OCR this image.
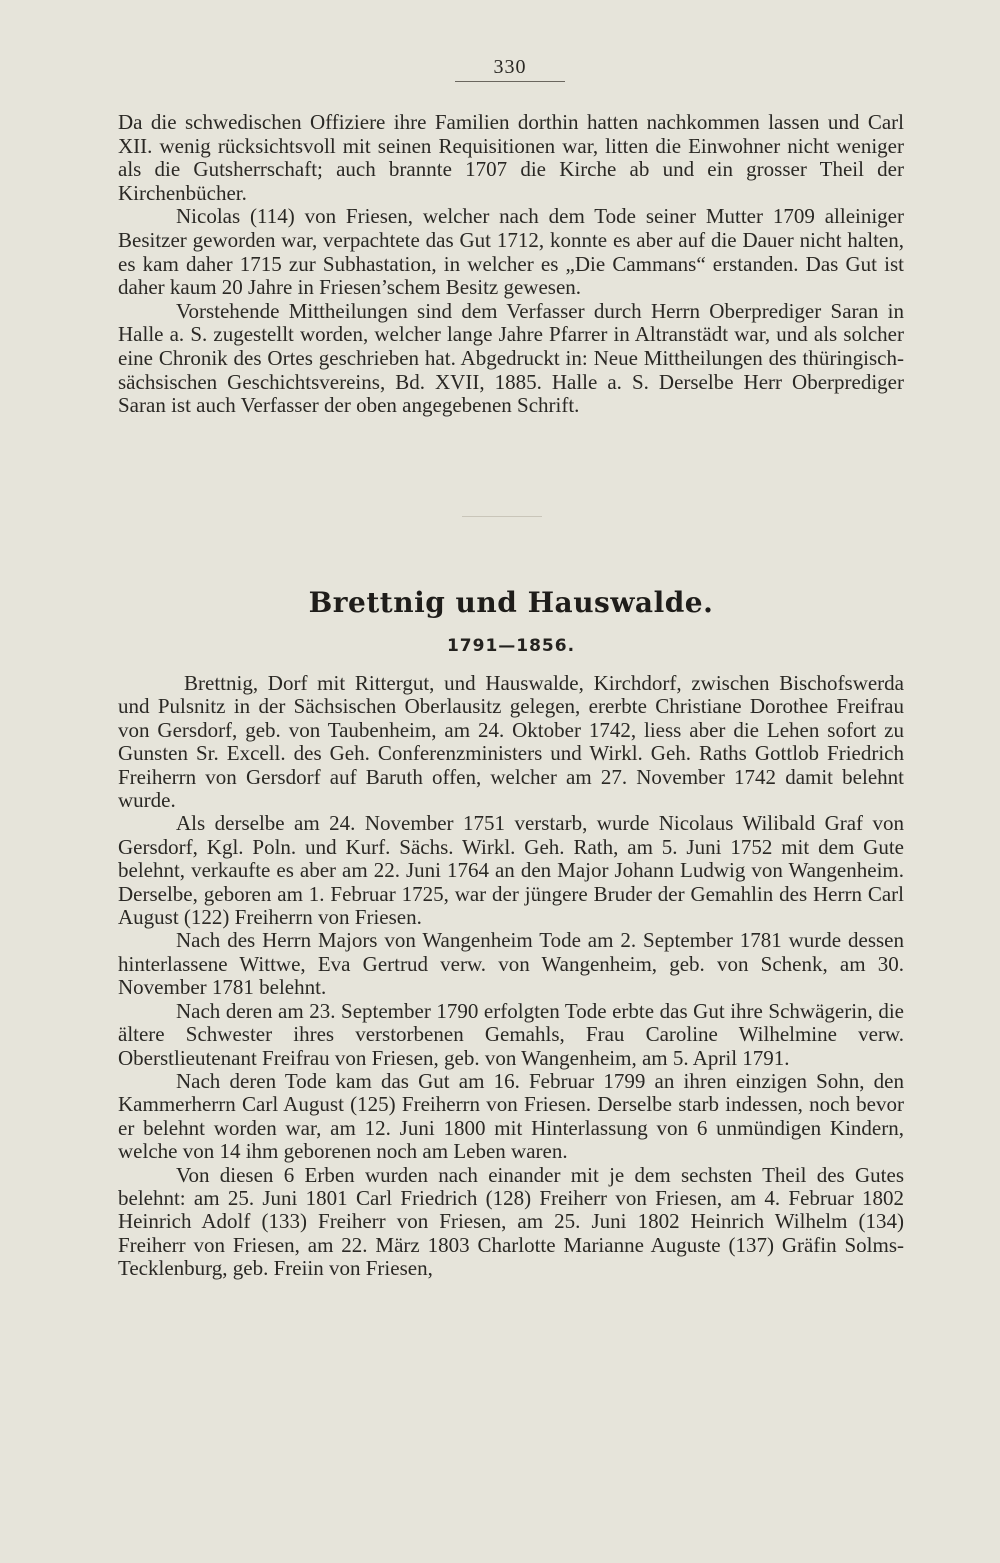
330

Da die schwedischen Offiziere ihre Familien dorthin hatten nachkommen lassen und Carl XII. wenig rücksichtsvoll mit seinen Requisitionen war, litten die Einwohner nicht weniger als die Gutsherrschaft; auch brannte 1707 die Kirche ab und ein grosser Theil der Kirchenbücher.

Nicolas (114) von Friesen, welcher nach dem Tode seiner Mutter 1709 alleiniger Besitzer geworden war, verpachtete das Gut 1712, konnte es aber auf die Dauer nicht halten, es kam daher 1715 zur Subhastation, in welcher es „Die Cammans“ erstanden. Das Gut ist daher kaum 20 Jahre in Friesen’schem Besitz gewesen.

Vorstehende Mittheilungen sind dem Verfasser durch Herrn Oberprediger Saran in Halle a. S. zugestellt worden, welcher lange Jahre Pfarrer in Altranstädt war, und als solcher eine Chronik des Ortes geschrieben hat. Abgedruckt in: Neue Mittheilungen des thüringisch-sächsischen Geschichtsvereins, Bd. XVII, 1885. Halle a. S. Derselbe Herr Oberprediger Saran ist auch Verfasser der oben angegebenen Schrift.

Brettnig und Hauswalde.
1791—1856.

Brettnig, Dorf mit Rittergut, und Hauswalde, Kirchdorf, zwischen Bischofswerda und Pulsnitz in der Sächsischen Oberlausitz gelegen, ererbte Christiane Dorothee Freifrau von Gersdorf, geb. von Taubenheim, am 24. Oktober 1742, liess aber die Lehen sofort zu Gunsten Sr. Excell. des Geh. Conferenzministers und Wirkl. Geh. Raths Gottlob Friedrich Freiherrn von Gersdorf auf Baruth offen, welcher am 27. November 1742 damit belehnt wurde.

Als derselbe am 24. November 1751 verstarb, wurde Nicolaus Wilibald Graf von Gersdorf, Kgl. Poln. und Kurf. Sächs. Wirkl. Geh. Rath, am 5. Juni 1752 mit dem Gute belehnt, verkaufte es aber am 22. Juni 1764 an den Major Johann Ludwig von Wangenheim. Derselbe, geboren am 1. Februar 1725, war der jüngere Bruder der Gemahlin des Herrn Carl August (122) Freiherrn von Friesen.

Nach des Herrn Majors von Wangenheim Tode am 2. September 1781 wurde dessen hinterlassene Wittwe, Eva Gertrud verw. von Wangenheim, geb. von Schenk, am 30. November 1781 belehnt.

Nach deren am 23. September 1790 erfolgten Tode erbte das Gut ihre Schwägerin, die ältere Schwester ihres verstorbenen Gemahls, Frau Caroline Wilhelmine verw. Oberstlieutenant Freifrau von Friesen, geb. von Wangenheim, am 5. April 1791.

Nach deren Tode kam das Gut am 16. Februar 1799 an ihren einzigen Sohn, den Kammerherrn Carl August (125) Freiherrn von Friesen. Derselbe starb indessen, noch bevor er belehnt worden war, am 12. Juni 1800 mit Hinterlassung von 6 unmündigen Kindern, welche von 14 ihm geborenen noch am Leben waren.

Von diesen 6 Erben wurden nach einander mit je dem sechsten Theil des Gutes belehnt: am 25. Juni 1801 Carl Friedrich (128) Freiherr von Friesen, am 4. Februar 1802 Heinrich Adolf (133) Freiherr von Friesen, am 25. Juni 1802 Heinrich Wilhelm (134) Freiherr von Friesen, am 22. März 1803 Charlotte Marianne Auguste (137) Gräfin Solms-Tecklenburg, geb. Freiin von Friesen,
